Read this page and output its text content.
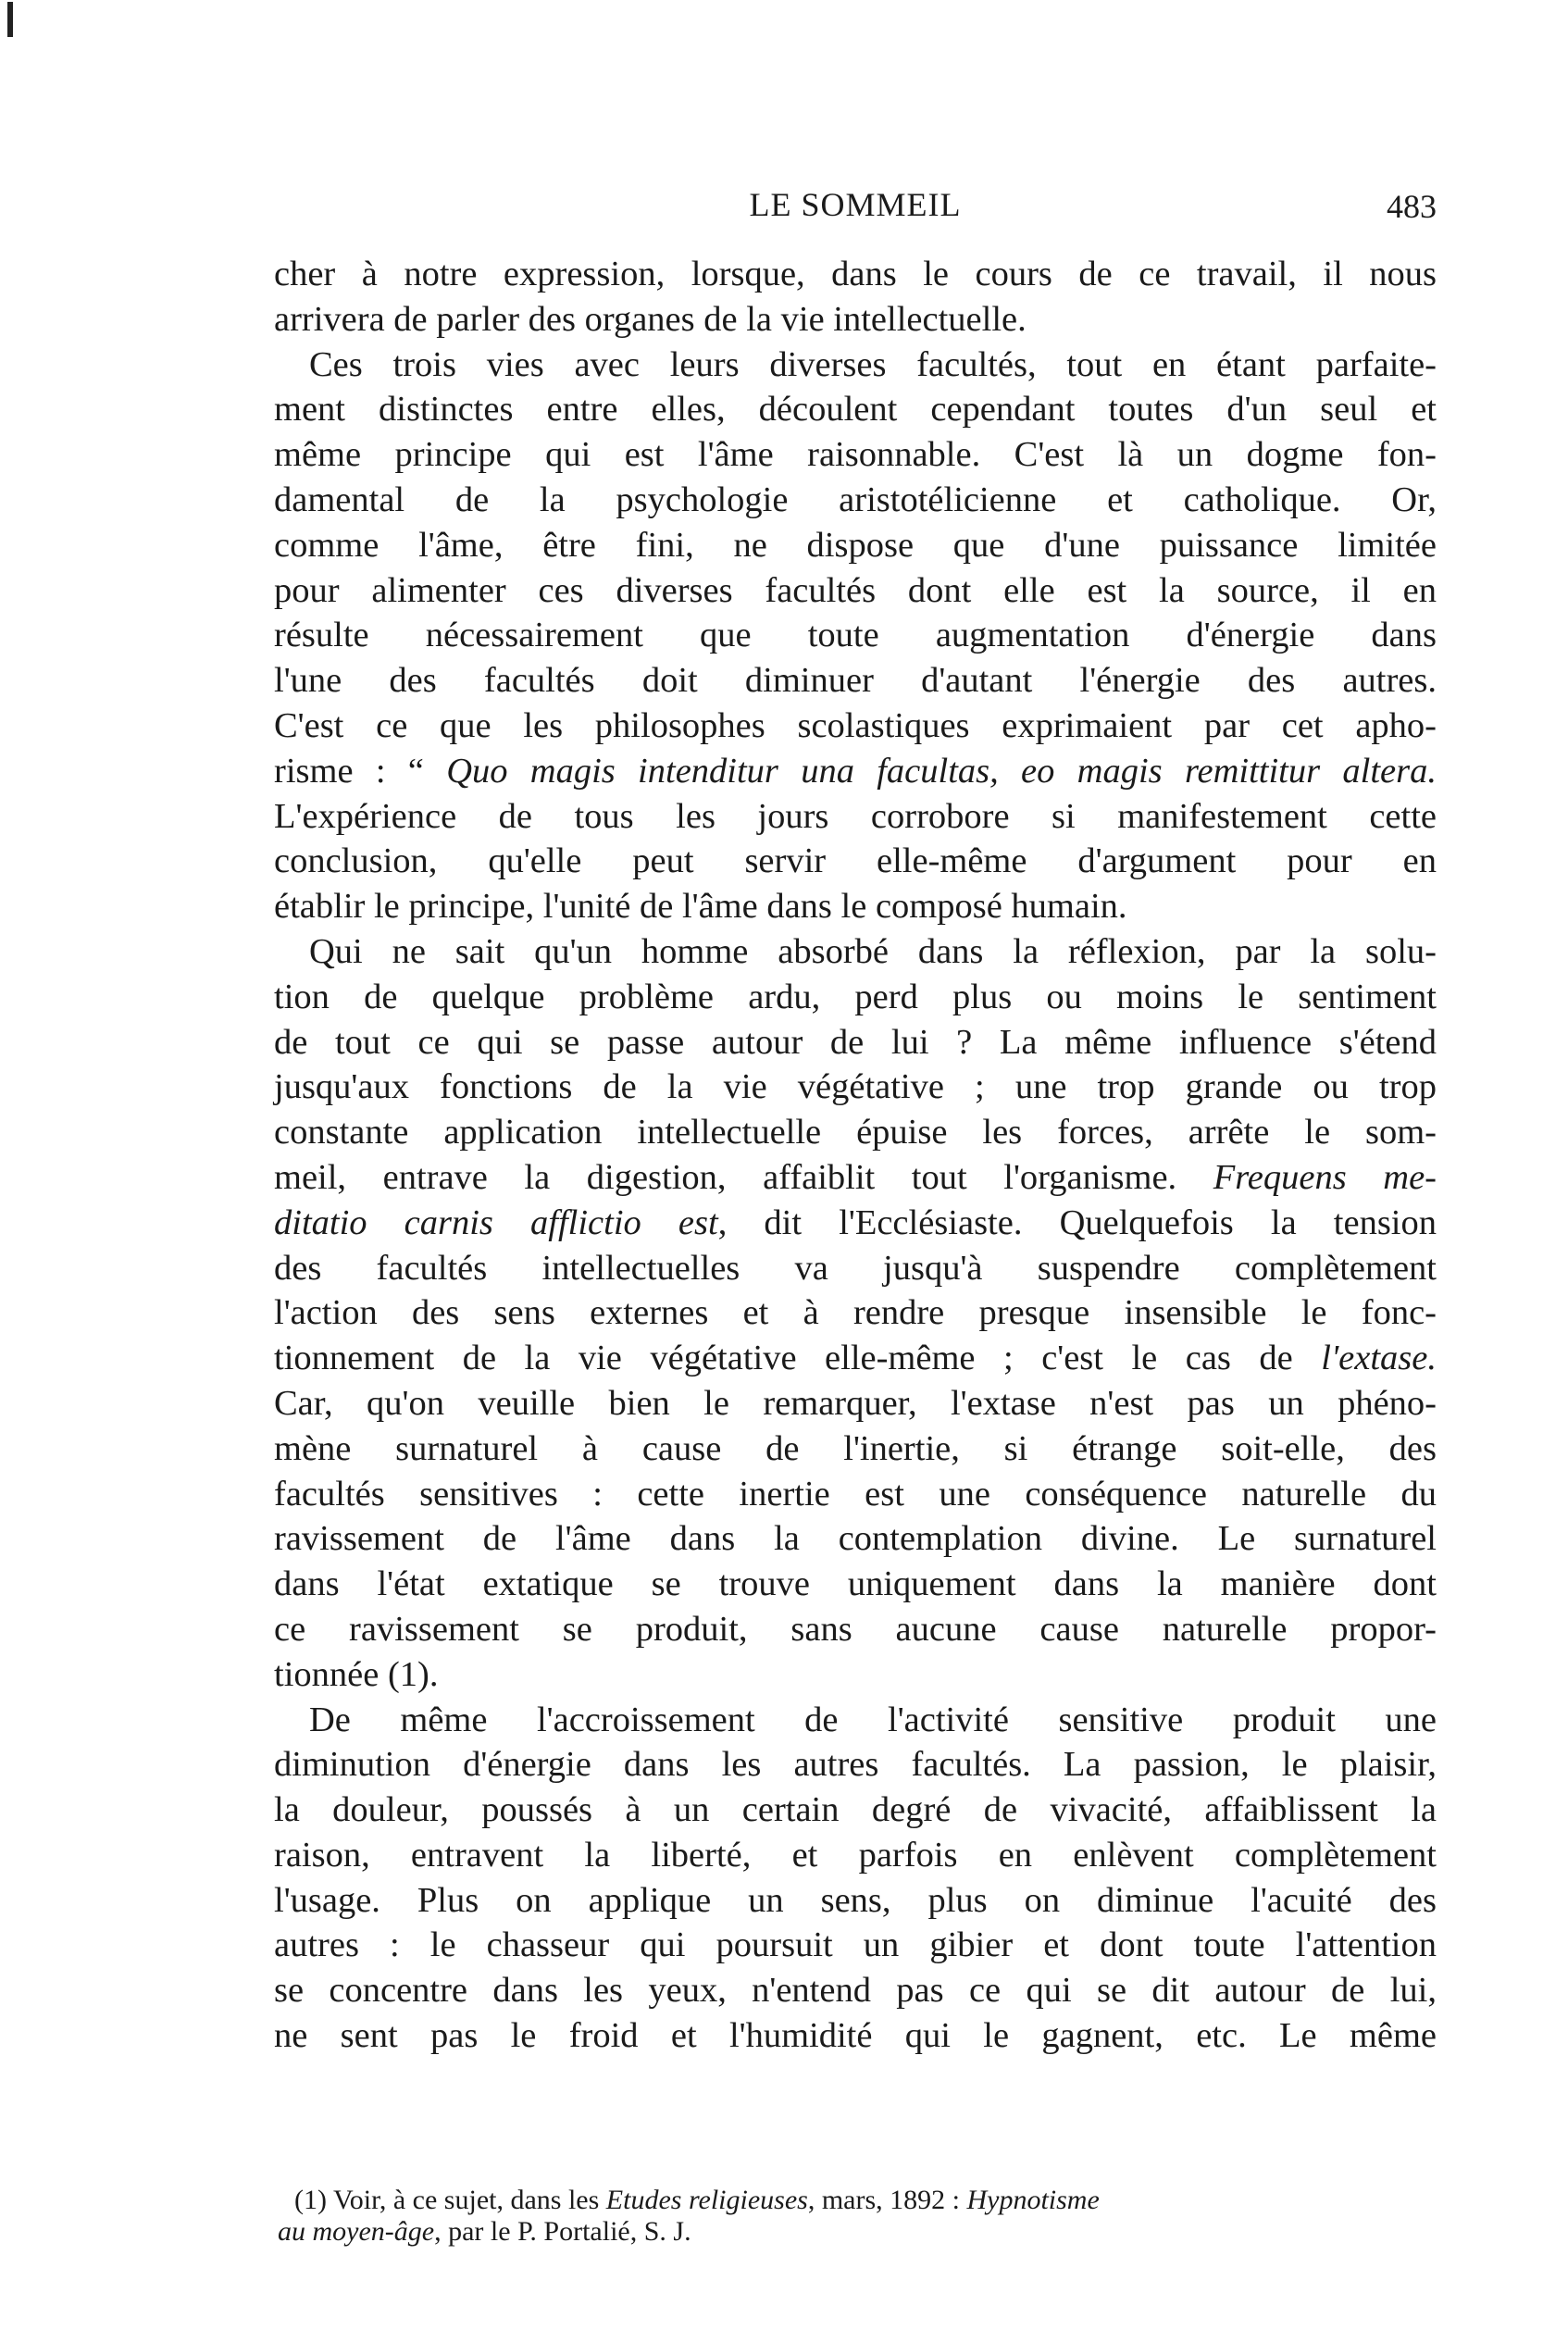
LE SOMMEIL	483
cher à notre expression, lorsque, dans le cours de ce travail, il nous
arrivera de parler des organes de la vie intellectuelle.
Ces trois vies avec leurs diverses facultés, tout en étant parfaite-
ment distinctes entre elles, découlent cependant toutes d'un seul et
même principe qui est l'âme raisonnable. C'est là un dogme fon-
damental de la psychologie aristotélicienne et catholique. Or,
comme l'âme, être fini, ne dispose que d'une puissance limitée
pour alimenter ces diverses facultés dont elle est la source, il en
résulte nécessairement que toute augmentation d'énergie dans
l'une des facultés doit diminuer d'autant l'énergie des autres.
C'est ce que les philosophes scolastiques exprimaient par cet apho-
risme : “ Quo magis intenditur una facultas, eo magis remittitur altera.
L'expérience de tous les jours corrobore si manifestement cette
conclusion, qu'elle peut servir elle-même d'argument pour en
établir le principe, l'unité de l'âme dans le composé humain.
Qui ne sait qu'un homme absorbé dans la réflexion, par la solu-
tion de quelque problème ardu, perd plus ou moins le sentiment
de tout ce qui se passe autour de lui ? La même influence s'étend
jusqu'aux fonctions de la vie végétative ; une trop grande ou trop
constante application intellectuelle épuise les forces, arrête le som-
meil, entrave la digestion, affaiblit tout l'organisme. Frequens me-
ditatio carnis afflictio est, dit l'Ecclésiaste. Quelquefois la tension
des facultés intellectuelles va jusqu'à suspendre complètement
l'action des sens externes et à rendre presque insensible le fonc-
tionnement de la vie végétative elle-même ; c'est le cas de l'extase.
Car, qu'on veuille bien le remarquer, l'extase n'est pas un phéno-
mène surnaturel à cause de l'inertie, si étrange soit-elle, des
facultés sensitives : cette inertie est une conséquence naturelle du
ravissement de l'âme dans la contemplation divine. Le surnaturel
dans l'état extatique se trouve uniquement dans la manière dont
ce ravissement se produit, sans aucune cause naturelle propor-
tionnée (1).
De même l'accroissement de l'activité sensitive produit une
diminution d'énergie dans les autres facultés. La passion, le plaisir,
la douleur, poussés à un certain degré de vivacité, affaiblissent la
raison, entravent la liberté, et parfois en enlèvent complètement
l'usage. Plus on applique un sens, plus on diminue l'acuité des
autres : le chasseur qui poursuit un gibier et dont toute l'attention
se concentre dans les yeux, n'entend pas ce qui se dit autour de lui,
ne sent pas le froid et l'humidité qui le gagnent, etc. Le même
(1) Voir, à ce sujet, dans les Etudes religieuses, mars, 1892 : Hypnotisme
au moyen-âge, par le P. Portalié, S. J.
